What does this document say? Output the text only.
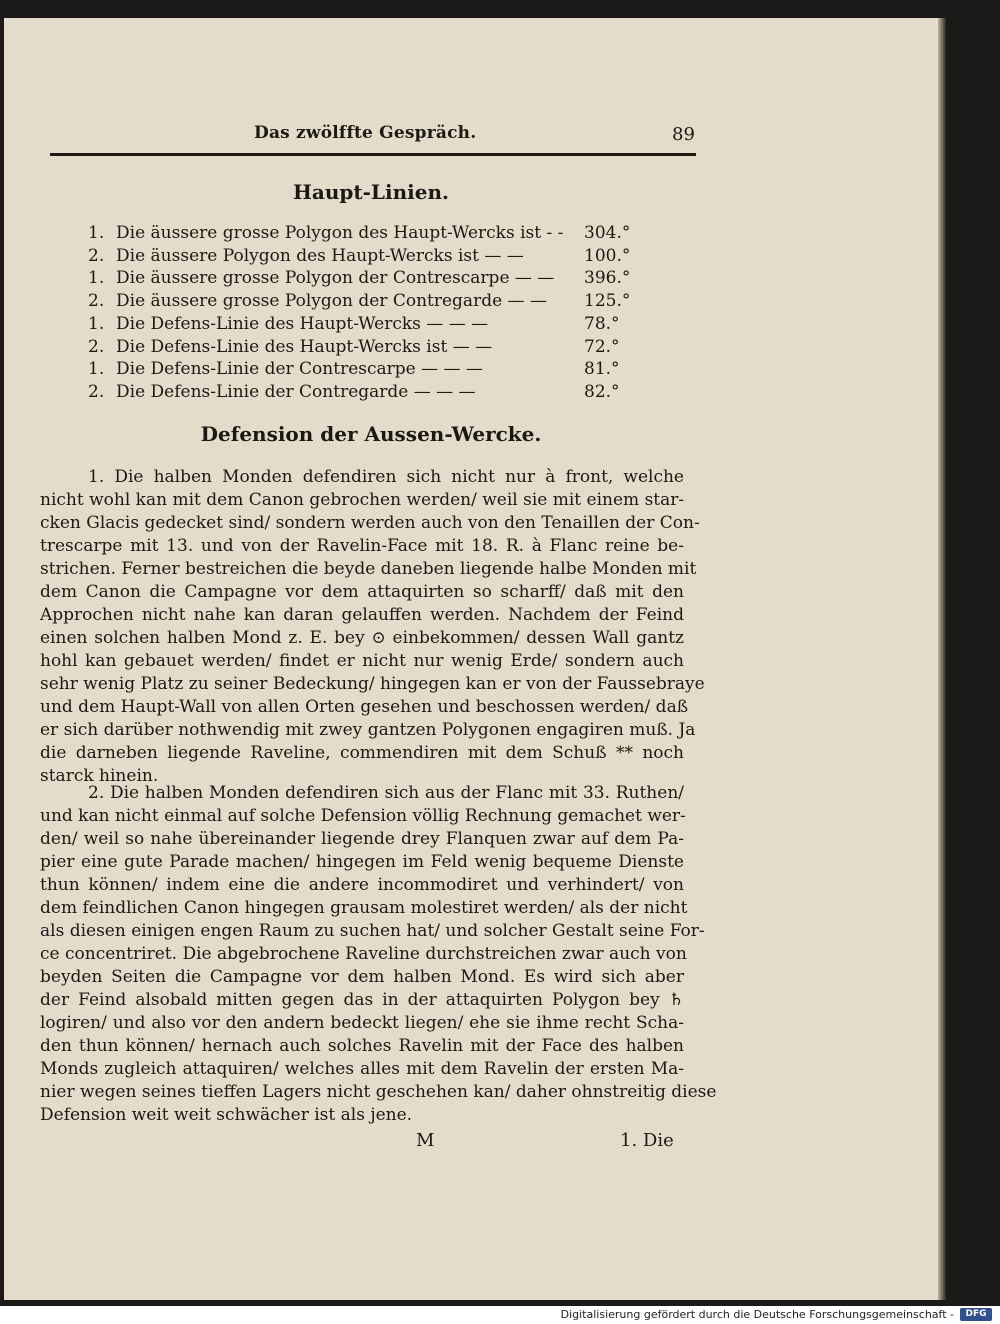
Das zwölffte Gespräch.	89
Haupt-Linien.
1. Die äussere grosse Polygon des Haupt-Wercks ist - - 304.°
2. Die äussere Polygon des Haupt-Wercks ist — —	100.°
1. Die äussere grosse Polygon der Contrescarpe — — 396.°
2. Die äussere grosse Polygon der Contregarde — — 125.°
1. Die Defens-Linie des Haupt-Wercks — — —	78.°
2. Die Defens-Linie des Haupt-Wercks ist — —	72.°
1. Die Defens-Linie der Contrescarpe — — —	81.°
2. Die Defens-Linie der Contregarde — — —	82.°
Defension der Aussen-Wercke.
1. Die halben Monden defendiren sich nicht nur à front, welche
nicht wohl kan mit dem Canon gebrochen werden/ weil sie mit einem star-
cken Glacis gedecket sind/ sondern werden auch von den Tenaillen der Con-
trescarpe mit 13. und von der Ravelin-Face mit 18. R. à Flanc reine be-
strichen. Ferner bestreichen die beyde daneben liegende halbe Monden mit
dem Canon die Campagne vor dem attaquirten so scharff/ daß mit den
Approchen nicht nahe kan daran gelauffen werden. Nachdem der Feind
einen solchen halben Mond z. E. bey ⊙ einbekommen/ dessen Wall gantz
hohl kan gebauet werden/ findet er nicht nur wenig Erde/ sondern auch
sehr wenig Platz zu seiner Bedeckung/ hingegen kan er von der Faussebraye
und dem Haupt-Wall von allen Orten gesehen und beschossen werden/ daß
er sich darüber nothwendig mit zwey gantzen Polygonen engagiren muß. Ja
die darneben liegende Raveline, commendiren mit dem Schuß ** noch
starck hinein.
2. Die halben Monden defendiren sich aus der Flanc mit 33. Ruthen/
und kan nicht einmal auf solche Defension völlig Rechnung gemachet wer-
den/ weil so nahe übereinander liegende drey Flanquen zwar auf dem Pa-
pier eine gute Parade machen/ hingegen im Feld wenig bequeme Dienste
thun können/ indem eine die andere incommodiret und verhindert/ von
dem feindlichen Canon hingegen grausam molestiret werden/ als der nicht
als diesen einigen engen Raum zu suchen hat/ und solcher Gestalt seine For-
ce concentriret. Die abgebrochene Raveline durchstreichen zwar auch von
beyden Seiten die Campagne vor dem halben Mond. Es wird sich aber
der Feind alsobald mitten gegen das in der attaquirten Polygon bey ♄
logiren/ und also vor den andern bedeckt liegen/ ehe sie ihme recht Scha-
den thun können/ hernach auch solches Ravelin mit der Face des halben
Monds zugleich attaquiren/ welches alles mit dem Ravelin der ersten Ma-
nier wegen seines tieffen Lagers nicht geschehen kan/ daher ohnstreitig diese
Defension weit weit schwächer ist als jene.
M	1. Die
Digitalisierung gefördert durch die Deutsche Forschungsgemeinschaft -	DFG
